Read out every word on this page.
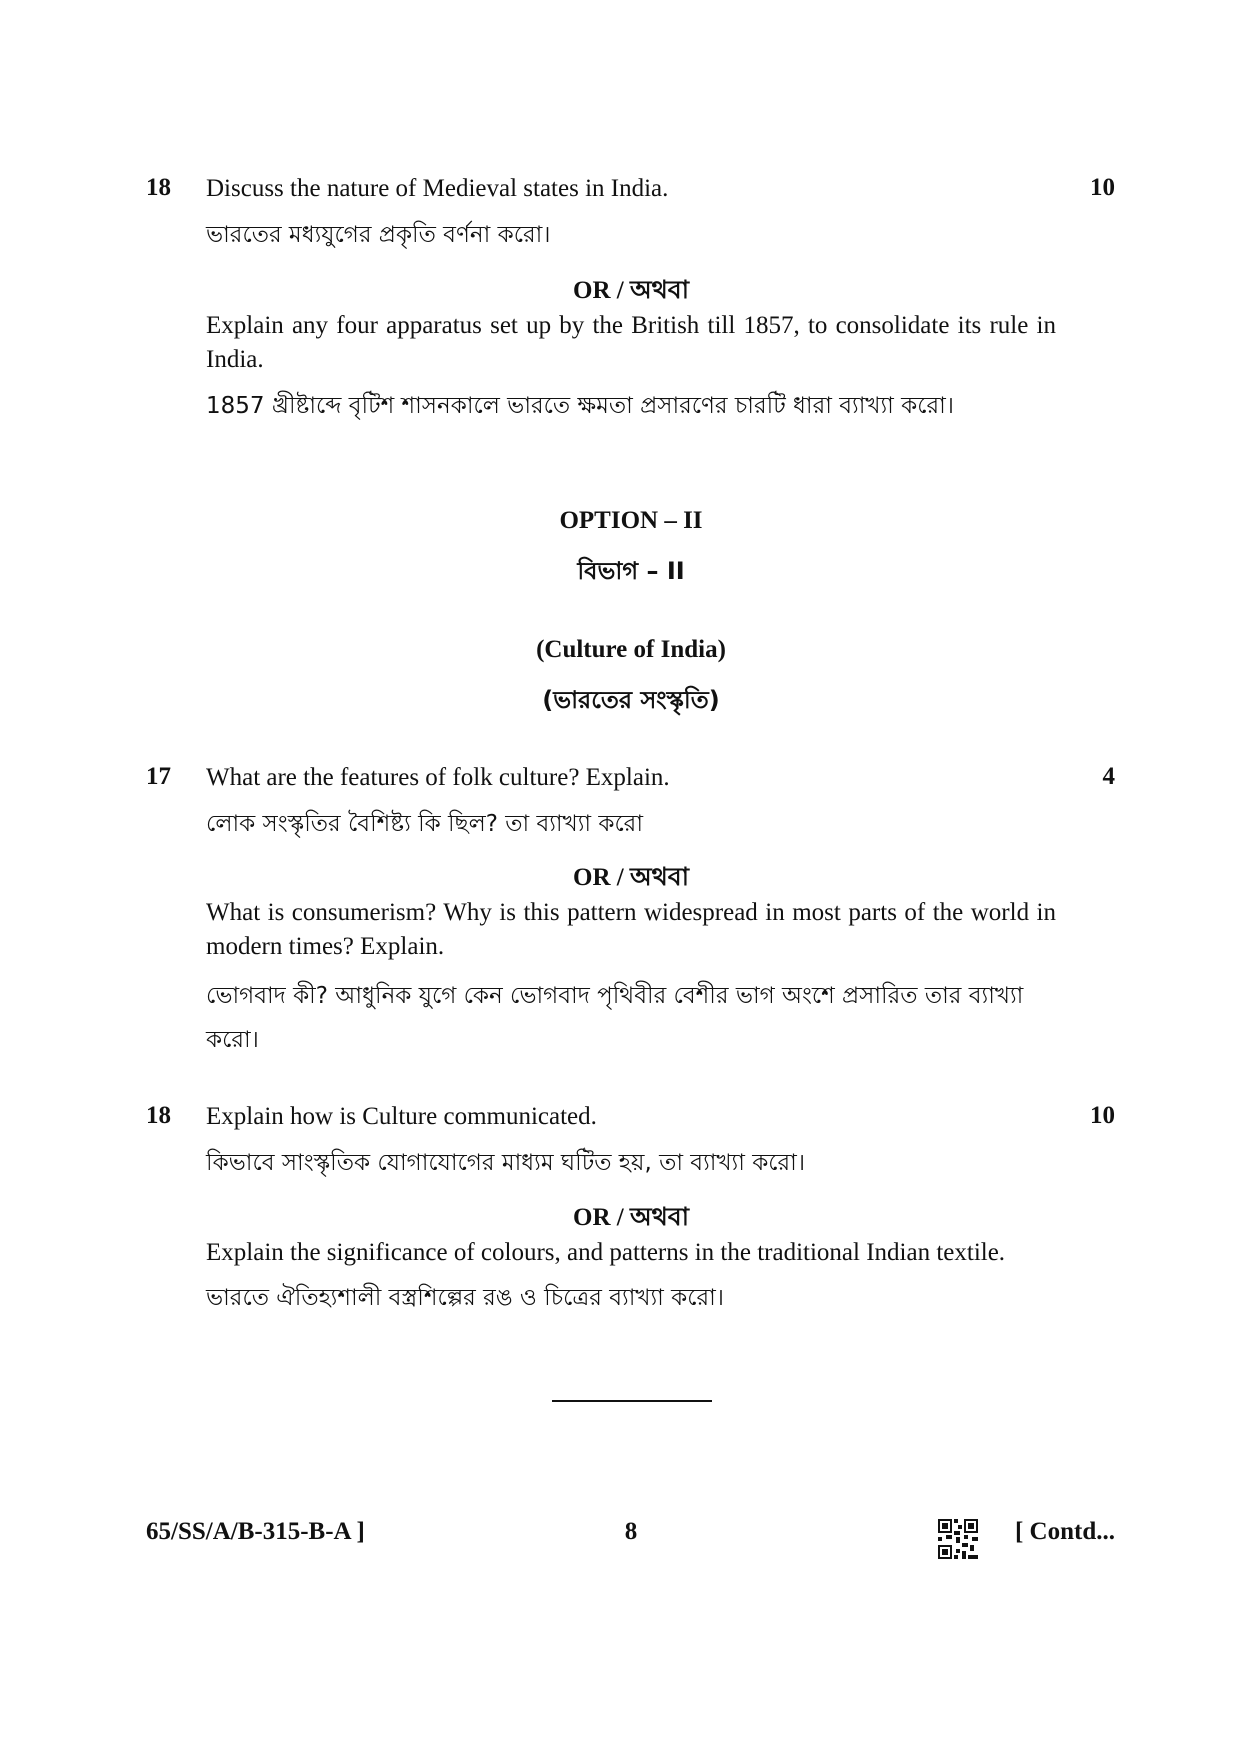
18	10
Discuss the nature of Medieval states in India.
ভারতের মধ্যযুগের প্রকৃতি বর্ণনা করো।
OR / অথবা
Explain any four apparatus set up by the British till 1857, to consolidate its rule in India.
1857 খ্রীষ্টাব্দে বৃটিশ শাসনকালে ভারতে ক্ষমতা প্রসারণের চারটি ধারা ব্যাখ্যা করো।
OPTION – II
বিভাগ – II
(Culture of India)
(ভারতের সংস্কৃতি)
17	4
What are the features of folk culture? Explain.
লোক সংস্কৃতির বৈশিষ্ট্য কি ছিল? তা ব্যাখ্যা করো
OR / অথবা
What is consumerism? Why is this pattern widespread in most parts of the world in modern times? Explain.
ভোগবাদ কী? আধুনিক যুগে কেন ভোগবাদ পৃথিবীর বেশীর ভাগ অংশে প্রসারিত তার ব্যাখ্যা করো।
18	10
Explain how is Culture communicated.
কিভাবে সাংস্কৃতিক যোগাযোগের মাধ্যম ঘটিত হয়, তা ব্যাখ্যা করো।
OR / অথবা
Explain the significance of colours, and patterns in the traditional Indian textile.
ভারতে ঐতিহ্যশালী বস্ত্রশিল্পের রঙ ও চিত্রের ব্যাখ্যা করো।
65/SS/A/B-315-B-A ]	8	[ Contd...
